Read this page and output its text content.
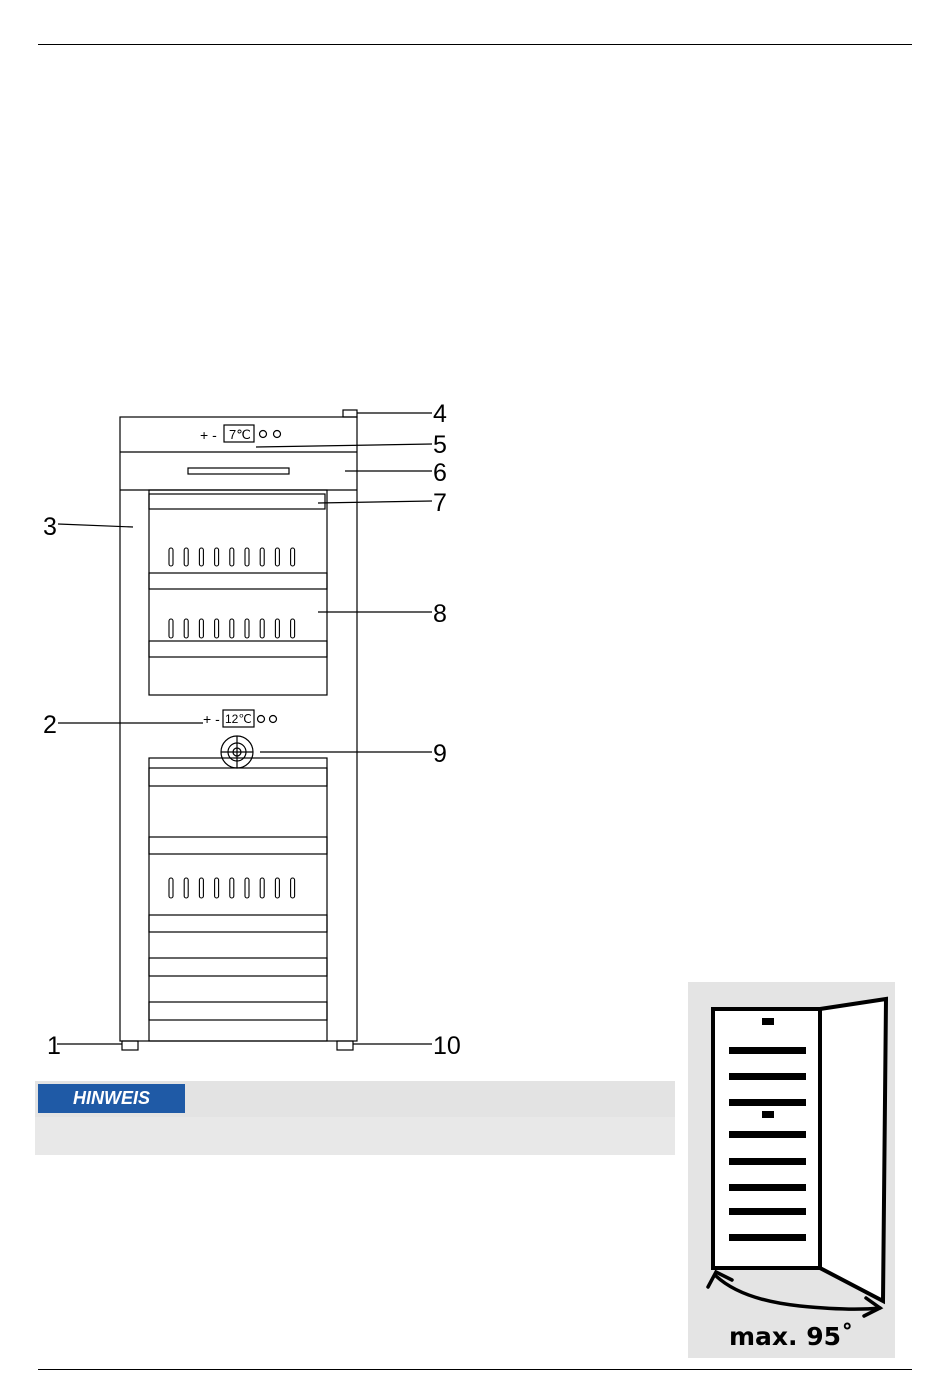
+ - 7℃
+ - 12℃
1
2
3
4
5
6
7
8
9
10
HINWEIS
max. 95˚
